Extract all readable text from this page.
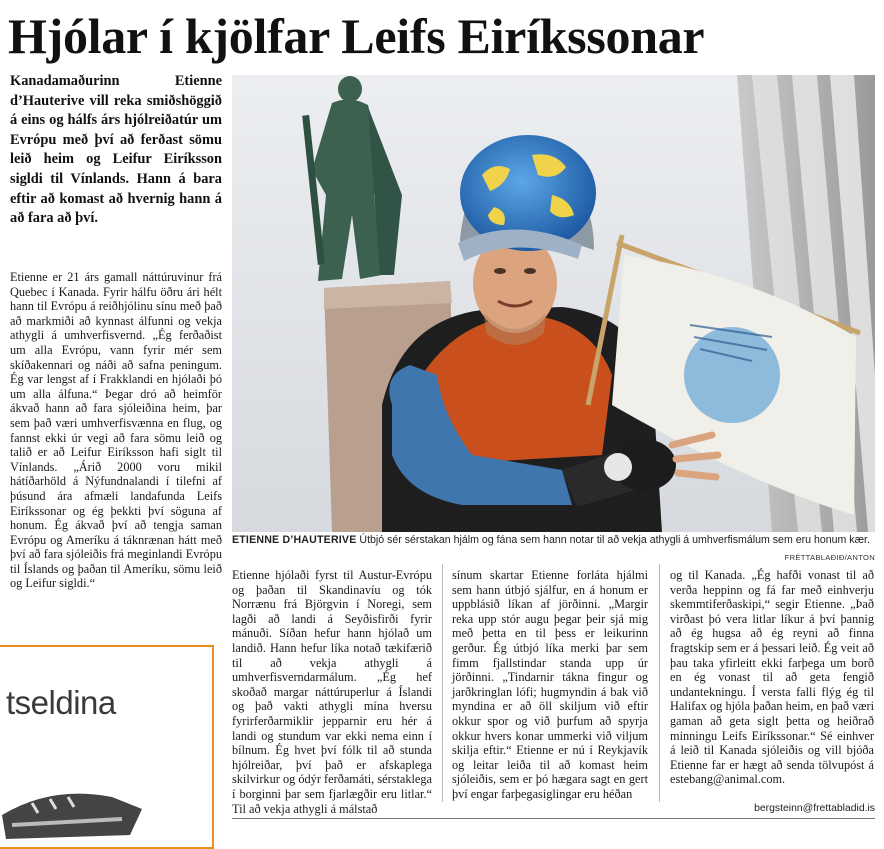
Hjólar í kjölfar Leifs Eiríkssonar

Kanadamaðurinn Etienne d’Hauterive vill reka smiðshöggið á eins og hálfs árs hjólreiðatúr um Evrópu með því að ferðast sömu leið heim og Leifur Eiríksson sigldi til Vínlands. Hann á bara eftir að komast að hvernig hann á að fara að því.

Etienne er 21 árs gamall náttúruvinur frá Quebec í Kanada. Fyrir hálfu öðru ári hélt hann til Evrópu á reiðhjólinu sínu með það að markmiði að kynnast álfunni og vekja athygli á umhverfisvernd. „Ég ferðaðist um alla Evrópu, vann fyrir mér sem skíðakennari og náði að safna peningum. Ég var lengst af í Frakklandi en hjólaði þó um alla álfuna.“ Þegar dró að heimför ákvað hann að fara sjóleiðina heim, þar sem það væri umhverfisvænna en flug, og fannst ekki úr vegi að fara sömu leið og talið er að Leifur Eiríksson hafi siglt til Vínlands. „Árið 2000 voru mikil hátíðarhöld á Nýfundnalandi í tilefni af þúsund ára afmæli landafunda Leifs Eiríkssonar og ég þekkti því söguna af honum. Ég ákvað því að tengja saman Evrópu og Ameríku á táknrænan hátt með því að fara sjóleiðis frá meginlandi Evrópu til Íslands og þaðan til Ameríku, sömu leið og Leifur sigldi.“

ETIENNE D’HAUTERIVE Útbjó sér sérstakan hjálm og fána sem hann notar til að vekja athygli á umhverfismálum sem eru honum kær.

FRÉTTABLAÐIÐ/ANTON

Etienne hjólaði fyrst til Austur-Evrópu og þaðan til Skandinavíu og tók Norrænu frá Björgvin í Noregi, sem lagði að landi á Seyðisfirði fyrir mánuði. Síðan hefur hann hjólað um landið. Hann hefur líka notað tækifærið til að vekja athygli á umhverfisverndarmálum. „Ég hef skoðað margar náttúruperlur á Íslandi og það vakti athygli mína hversu fyrirferðarmiklir jepparnir eru hér á landi og stundum var ekki nema einn í bílnum. Ég hvet því fólk til að stunda hjólreiðar, því það er afskaplega skilvirkur og ódýr ferðamáti, sérstaklega í borginni þar sem fjarlægðir eru litlar.“ Til að vekja athygli á málstað

sínum skartar Etienne forláta hjálmi sem hann útbjó sjálfur, en á honum er uppblásið líkan af jörðinni. „Margir reka upp stór augu þegar þeir sjá mig með þetta en til þess er leikurinn gerður. Ég útbjó líka merki þar sem fimm fjallstindar standa upp úr jörðinni. „Tindarnir tákna fingur og jarðkringlan lófi; hugmyndin á bak við myndina er að öll skiljum við eftir okkur spor og við þurfum að spyrja okkur hvers konar ummerki við viljum skilja eftir.“ Etienne er nú í Reykjavík og leitar leiða til að komast heim sjóleiðis, sem er þó hægara sagt en gert því engar farþegasiglingar eru héðan

og til Kanada. „Ég hafði vonast til að verða heppinn og fá far með einhverju skemmtiferðaskipi,“ segir Etienne. „Það virðast þó vera litlar líkur á því þannig að ég hugsa að ég reyni að finna fragtskip sem er á þessari leið. Ég veit að þau taka yfirleitt ekki farþega um borð en ég vonast til að geta fengið undantekningu. Í versta falli flýg ég til Halifax og hjóla þaðan heim, en það væri gaman að geta siglt þetta og heiðrað minningu Leifs Eiríkssonar.“ Sé einhver á leið til Kanada sjóleiðis og vill bjóða Etienne far er hægt að senda tölvupóst á estebang@animal.com.

bergsteinn@frettabladid.is
tseldina
